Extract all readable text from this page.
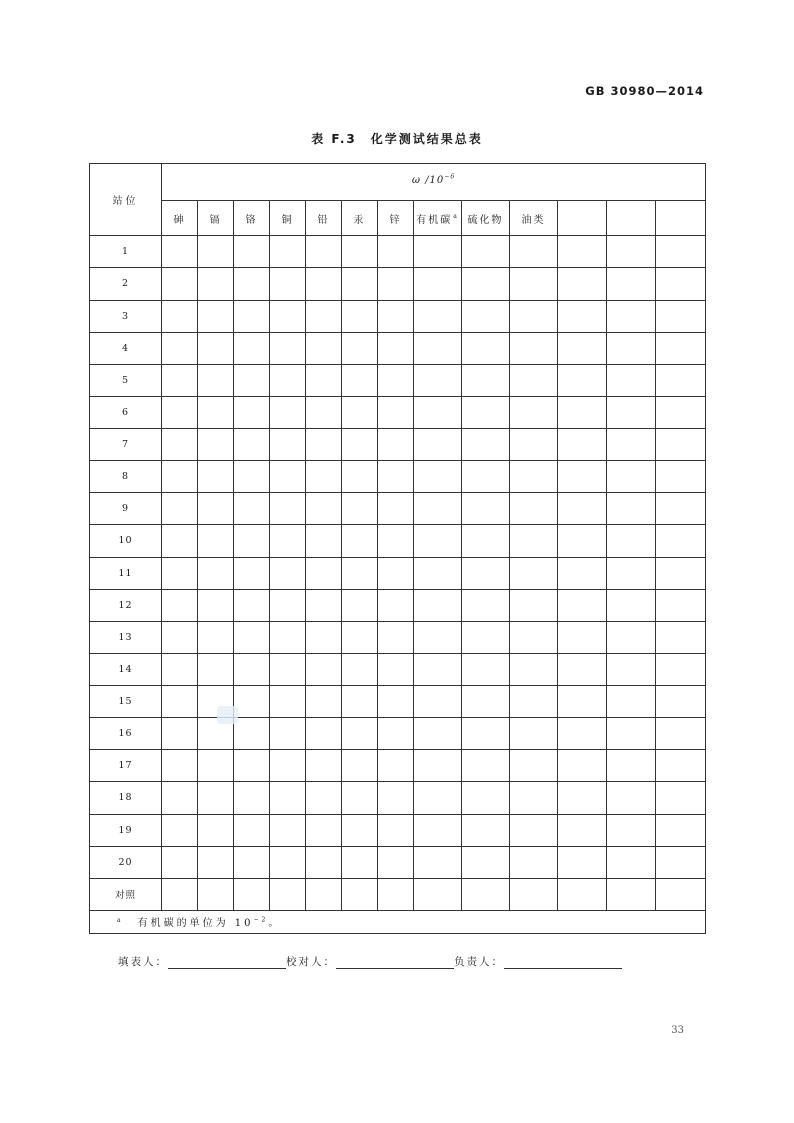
GB 30980—2014
表 F.3 化学测试结果总表
站位	ω $/10^{-6}$
	砷	镉	铬	铜	铅	汞	锌	有机碳$^a$	硫化物	油类			
1													
2													
3													
4													
5													
6													
7													
8													
9													
10													
11													
12													
13													
14													
15													
16													
17													
18													
19													
20													
对照													
$^a$ 有机碳的单位为 $10^{-2}$。													
填表人：	校对人：	负责人：
33
